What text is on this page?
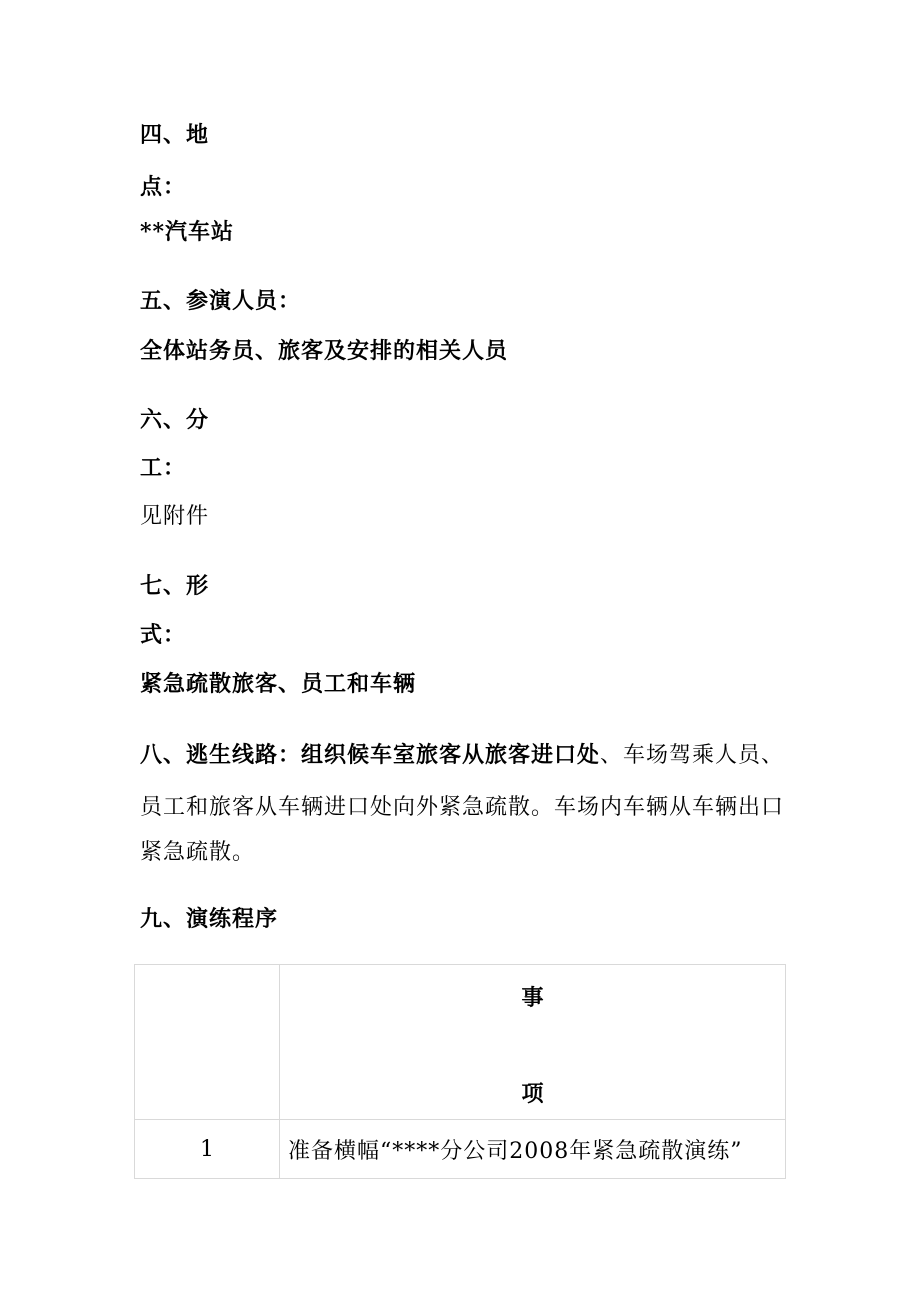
四、地
点：
**汽车站
五、参演人员：
全体站务员、旅客及安排的相关人员
六、分
工：
见附件
七、形
式：
紧急疏散旅客、员工和车辆
八、逃生线路：组织候车室旅客从旅客进口处、车场驾乘人员、
员工和旅客从车辆进口处向外紧急疏散。车场内车辆从车辆出口
紧急疏散。
九、演练程序

	事
项

1	准备横幅“****分公司2008年紧急疏散演练”
